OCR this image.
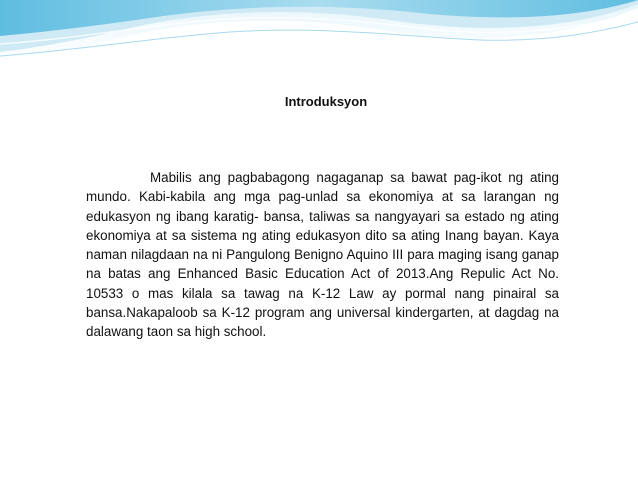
Introduksyon

Mabilis ang pagbabagong nagaganap sa bawat pag-ikot ng ating mundo. Kabi-kabila ang mga pag-unlad sa ekonomiya at sa larangan ng edukasyon ng ibang karatig- bansa, taliwas sa nangyayari sa estado ng ating ekonomiya at sa sistema ng ating edukasyon dito sa ating Inang bayan. Kaya naman nilagdaan na ni Pangulong Benigno Aquino III para maging isang ganap na batas ang Enhanced Basic Education Act of 2013.Ang Repulic Act No. 10533 o mas kilala sa tawag na K-12 Law ay pormal nang pinairal sa bansa.Nakapaloob sa K-12 program ang universal kindergarten, at dagdag na dalawang taon sa high school.
